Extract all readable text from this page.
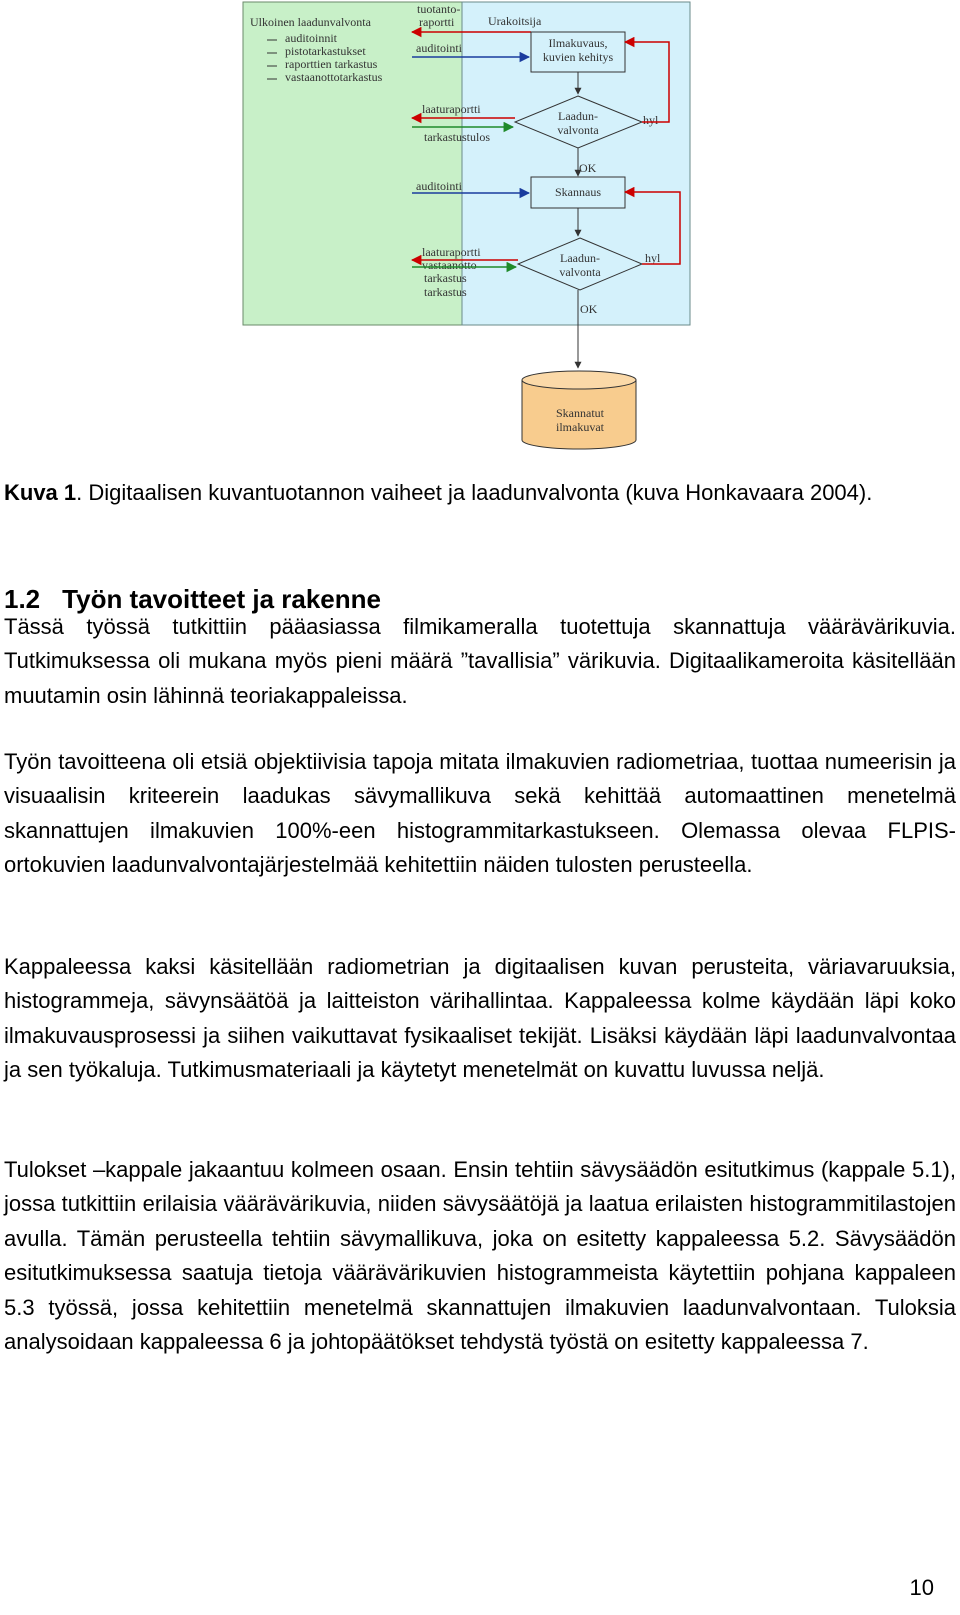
Ulkoinen laadunvalvonta
auditoinnit
pistotarkastukset
raporttien tarkastus
vastaanottotarkastus
Urakoitsija
tuotanto-
raportti
auditointi	Ilmakuvaus,
kuvien kehitys
laaturaportti
tarkastustulos
Laadun-
valvonta
hyl
OK
auditointi	Skannaus
laaturaportti
vastaanotto
tarkastus
tarkastus
Laadun-
valvonta
hyl
OK
Skannatut
ilmakuvat

Kuva 1. Digitaalisen kuvantuotannon vaiheet ja laadunvalvonta (kuva Honkavaara 2004).

1.2 Työn tavoitteet ja rakenne

Tässä työssä tutkittiin pääasiassa filmikameralla tuotettuja skannattuja väärävärikuvia. Tutkimuksessa oli mukana myös pieni määrä ”tavallisia” värikuvia. Digitaalikameroita käsitellään muutamin osin lähinnä teoriakappaleissa.

Työn tavoitteena oli etsiä objektiivisia tapoja mitata ilmakuvien radiometriaa, tuottaa numeerisin ja visuaalisin kriteerein laadukas sävymallikuva sekä kehittää automaattinen menetelmä skannattujen ilmakuvien 100%-een histogrammitarkastukseen. Olemassa olevaa FLPIS-ortokuvien laadunvalvontajärjestelmää kehitettiin näiden tulosten perusteella.

Kappaleessa kaksi käsitellään radiometrian ja digitaalisen kuvan perusteita, väriavaruuksia, histogrammeja, sävynsäätöä ja laitteiston värihallintaa. Kappaleessa kolme käydään läpi koko ilmakuvausprosessi ja siihen vaikuttavat fysikaaliset tekijät. Lisäksi käydään läpi laadunvalvontaa ja sen työkaluja. Tutkimusmateriaali ja käytetyt menetelmät on kuvattu luvussa neljä.

Tulokset –kappale jakaantuu kolmeen osaan. Ensin tehtiin sävysäädön esitutkimus (kappale 5.1), jossa tutkittiin erilaisia väärävärikuvia, niiden sävysäätöjä ja laatua erilaisten histogrammitilastojen avulla. Tämän perusteella tehtiin sävymallikuva, joka on esitetty kappaleessa 5.2. Sävysäädön esitutkimuksessa saatuja tietoja väärävärikuvien histogrammeista käytettiin pohjana kappaleen 5.3 työssä, jossa kehitettiin menetelmä skannattujen ilmakuvien laadunvalvontaan. Tuloksia analysoidaan kappaleessa 6 ja johtopäätökset tehdystä työstä on esitetty kappaleessa 7.

10
